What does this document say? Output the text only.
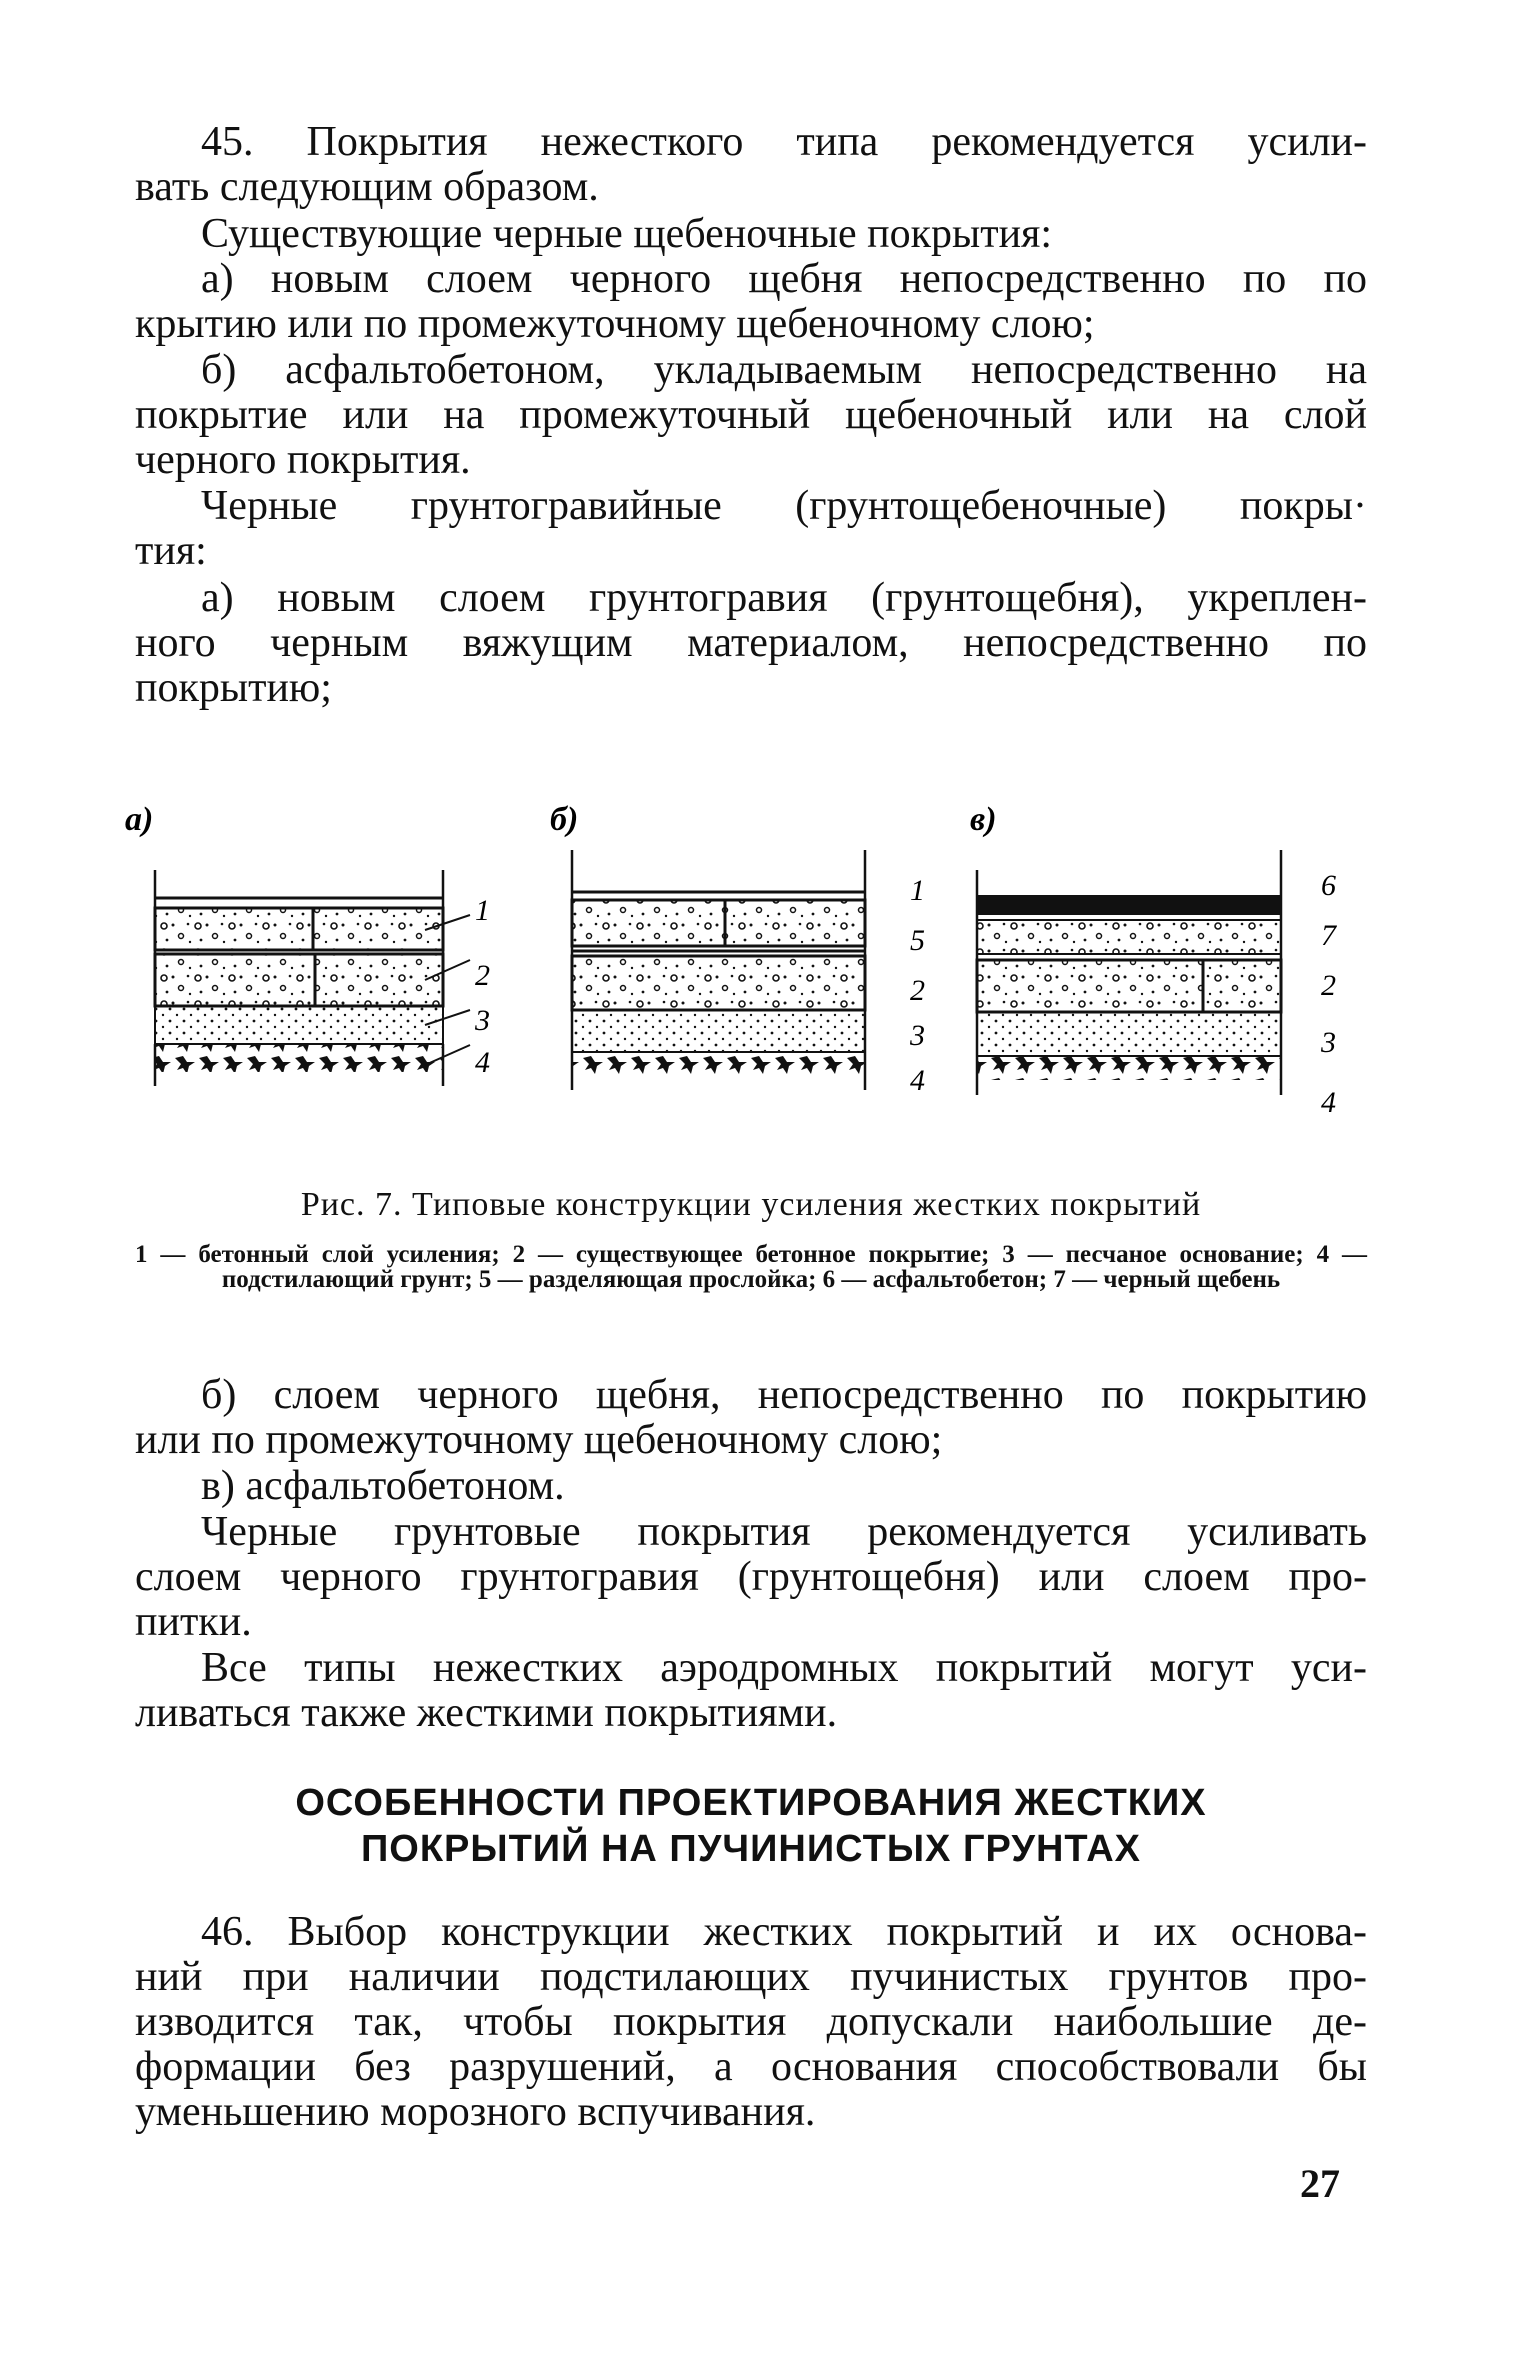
45. Покрытия нежесткого типа рекомендуется усили-

вать следующим образом.

Существующие черные щебеночные покрытия:

а) новым слоем черного щебня непосредственно по по

крытию или по промежуточному щебеночному слою;

б) асфальтобетоном, укладываемым непосредственно на

покрытие или на промежуточный щебеночный или на слой

черного покрытия.

Черные грунтогравийные (грунтощебеночные) покры·

тия:

а) новым слоем грунтогравия (грунтощебня), укреплен-

ного черным вяжущим материалом, непосредственно по

покрытию;

а)	б)	в)
1
2
3
4
1
5
2
3
4
6
7
2
3
4

Рис. 7. Типовые конструкции усиления жестких покрытий

1 — бетонный слой усиления; 2 — существующее бетонное покрытие; 3 — песчаное основание; 4 — подстилающий грунт; 5 — разделяющая прослойка; 6 — асфальтобетон; 7 — черный щебень

б) слоем черного щебня, непосредственно по покрытию

или по промежуточному щебеночному слою;

в) асфальтобетоном.

Черные грунтовые покрытия рекомендуется усиливать

слоем черного грунтогравия (грунтощебня) или слоем про-

питки.

Все типы нежестких аэродромных покрытий могут уси-

ливаться также жесткими покрытиями.

ОСОБЕННОСТИ ПРОЕКТИРОВАНИЯ ЖЕСТКИХ

ПОКРЫТИЙ НА ПУЧИНИСТЫХ ГРУНТАХ

46. Выбор конструкции жестких покрытий и их основа-

ний при наличии подстилающих пучинистых грунтов про-

изводится так, чтобы покрытия допускали наибольшие де-

формации без разрушений, а основания способствовали бы

уменьшению морозного вспучивания.

27
